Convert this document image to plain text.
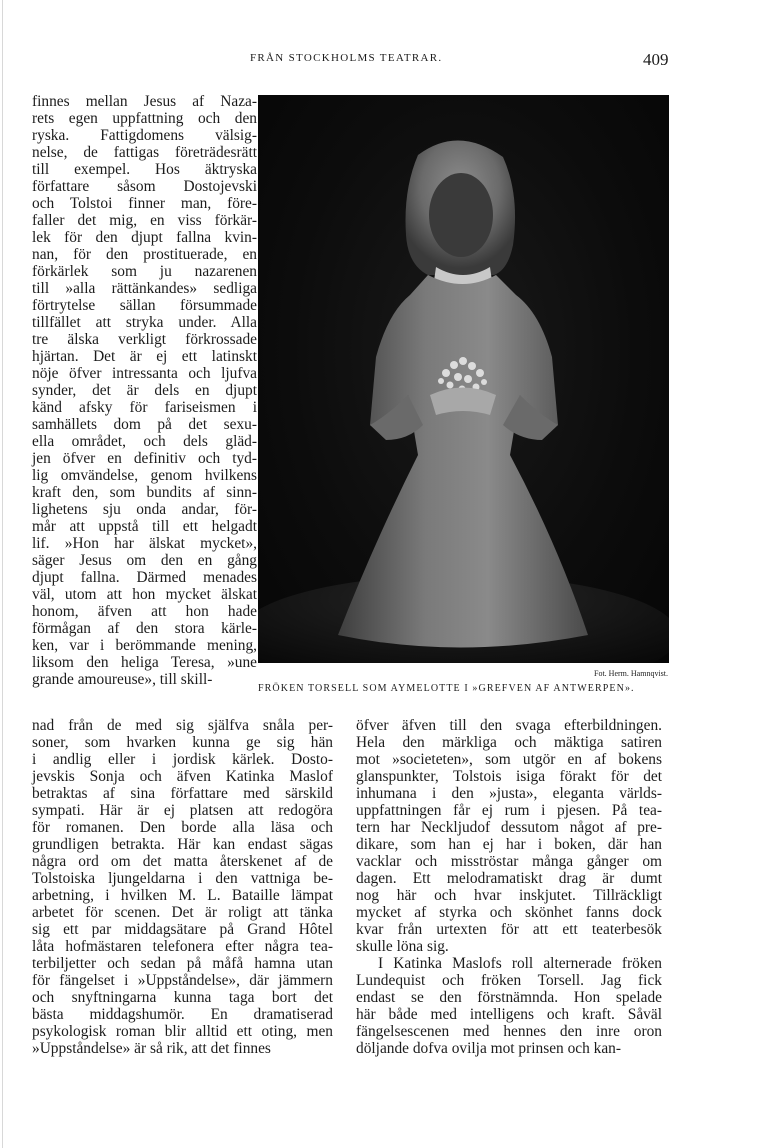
FRÅN STOCKHOLMS TEATRAR.	409
Fot. Herm. Hamnqvist.
FRÖKEN TORSELL SOM AYMELOTTE I »GREFVEN AF ANTWERPEN».
finnes mellan Jesus af Naza-
rets egen uppfattning och den
ryska. Fattigdomens välsig-
nelse, de fattigas företrädesrätt
till exempel. Hos äktryska
författare såsom Dostojevski
och Tolstoi finner man, före-
faller det mig, en viss förkär-
lek för den djupt fallna kvin-
nan, för den prostituerade, en
förkärlek som ju nazarenen
till »alla rättänkandes» sedliga
förtrytelse sällan försummade
tillfället att stryka under. Alla
tre älska verkligt förkrossade
hjärtan. Det är ej ett latinskt
nöje öfver intressanta och ljufva
synder, det är dels en djupt
känd afsky för fariseismen i
samhällets dom på det sexu-
ella området, och dels gläd-
jen öfver en definitiv och tyd-
lig omvändelse, genom hvilkens
kraft den, som bundits af sinn-
lighetens sju onda andar, för-
mår att uppstå till ett helgadt
lif. »Hon har älskat mycket»,
säger Jesus om den en gång
djupt fallna. Därmed menades
väl, utom att hon mycket älskat
honom, äfven att hon hade
förmågan af den stora kärle-
ken, var i berömmande mening,
liksom den heliga Teresa, »une
grande amoureuse», till skill-
nad från de med sig själfva snåla per-
soner, som hvarken kunna ge sig hän
i andlig eller i jordisk kärlek. Dosto-
jevskis Sonja och äfven Katinka Maslof
betraktas af sina författare med särskild
sympati. Här är ej platsen att redogöra
för romanen. Den borde alla läsa och
grundligen betrakta. Här kan endast sägas
några ord om det matta återskenet af de
Tolstoiska ljungeldarna i den vattniga be-
arbetning, i hvilken M. L. Bataille lämpat
arbetet för scenen. Det är roligt att tänka
sig ett par middagsätare på Grand Hôtel
låta hofmästaren telefonera efter några tea-
terbiljetter och sedan på måfå hamna utan
för fängelset i »Uppståndelse», där jämmern
och snyftningarna kunna taga bort det
bästa middagshumör. En dramatiserad
psykologisk roman blir alltid ett oting, men
»Uppståndelse» är så rik, att det finnes
öfver äfven till den svaga efterbildningen.
Hela den märkliga och mäktiga satiren
mot »societeten», som utgör en af bokens
glanspunkter, Tolstois isiga förakt för det
inhumana i den »justa», eleganta världs-
uppfattningen får ej rum i pjesen. På tea-
tern har Neckljudof dessutom något af pre-
dikare, som han ej har i boken, där han
vacklar och misströstar många gånger om
dagen. Ett melodramatiskt drag är dumt
nog här och hvar inskjutet. Tillräckligt
mycket af styrka och skönhet fanns dock
kvar från urtexten för att ett teaterbesök
skulle löna sig.
I Katinka Maslofs roll alternerade fröken
Lundequist och fröken Torsell. Jag fick
endast se den förstnämnda. Hon spelade
här både med intelligens och kraft. Såväl
fängelsescenen med hennes den inre oron
döljande dofva ovilja mot prinsen och kan-
